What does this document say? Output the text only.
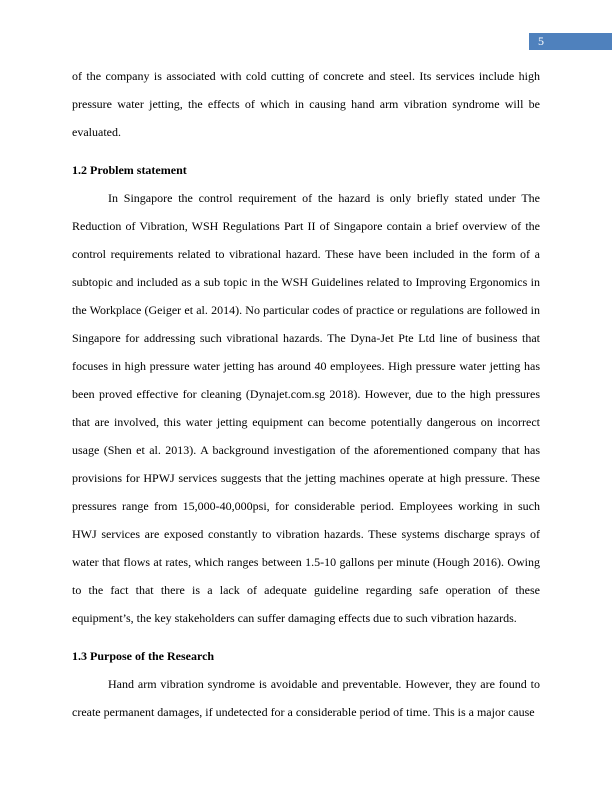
5

of the company is associated with cold cutting of concrete and steel. Its services include high pressure water jetting, the effects of which in causing hand arm vibration syndrome will be evaluated.

1.2 Problem statement

In Singapore the control requirement of the hazard is only briefly stated under The Reduction of Vibration, WSH Regulations Part II of Singapore contain a brief overview of the control requirements related to vibrational hazard. These have been included in the form of a subtopic and included as a sub topic in the WSH Guidelines related to Improving Ergonomics in the Workplace (Geiger et al. 2014). No particular codes of practice or regulations are followed in Singapore for addressing such vibrational hazards. The Dyna-Jet Pte Ltd line of business that focuses in high pressure water jetting has around 40 employees. High pressure water jetting has been proved effective for cleaning (Dynajet.com.sg 2018). However, due to the high pressures that are involved, this water jetting equipment can become potentially dangerous on incorrect usage (Shen et al. 2013). A background investigation of the aforementioned company that has provisions for HPWJ services suggests that the jetting machines operate at high pressure. These pressures range from 15,000-40,000psi, for considerable period. Employees working in such HWJ services are exposed constantly to vibration hazards. These systems discharge sprays of water that flows at rates, which ranges between 1.5-10 gallons per minute (Hough 2016). Owing to the fact that there is a lack of adequate guideline regarding safe operation of these equipment’s, the key stakeholders can suffer damaging effects due to such vibration hazards.

1.3 Purpose of the Research

Hand arm vibration syndrome is avoidable and preventable. However, they are found to create permanent damages, if undetected for a considerable period of time. This is a major cause
